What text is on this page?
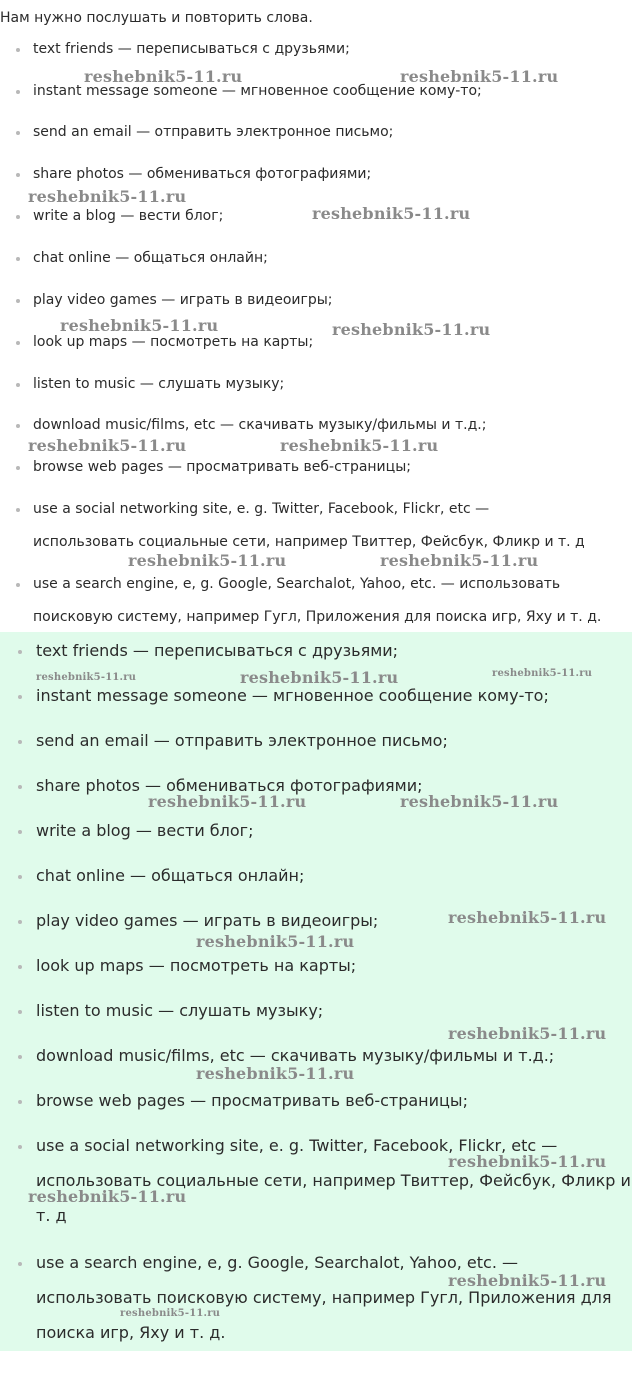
Нам нужно послушать и повторить слова.

text friends — переписываться с друзьями;
instant message someone — мгновенное сообщение кому-то;
send an email — отправить электронное письмо;
share photos — обмениваться фотографиями;
write a blog — вести блог;
chat online — общаться онлайн;
play video games — играть в видеоигры;
look up maps — посмотреть на карты;
listen to music — слушать музыку;
download music/films, etc — скачивать музыку/фильмы и т.д.;
browse web pages — просматривать веб-страницы;
use a social networking site, e. g. Twitter, Facebook, Flickr, etc —
использовать социальные сети, например Твиттер, Фейсбук, Фликр и т. д
use a search engine, e, g. Google, Searchalot, Yahoo, etc. — использовать
поисковую систему, например Гугл, Приложения для поиска игр, Яху и т. д.
text friends — переписываться с друзьями;
instant message someone — мгновенное сообщение кому-то;
send an email — отправить электронное письмо;
share photos — обмениваться фотографиями;
write a blog — вести блог;
chat online — общаться онлайн;
play video games — играть в видеоигры;
look up maps — посмотреть на карты;
listen to music — слушать музыку;
download music/films, etc — скачивать музыку/фильмы и т.д.;
browse web pages — просматривать веб-страницы;
use a social networking site, e. g. Twitter, Facebook, Flickr, etc —
использовать социальные сети, например Твиттер, Фейсбук, Фликр и
т. д
use a search engine, e, g. Google, Searchalot, Yahoo, etc. —
использовать поисковую систему, например Гугл, Приложения для
поиска игр, Яху и т. д.
reshebnik5-11.ru	reshebnik5-11.ru
reshebnik5-11.ru
reshebnik5-11.ru
reshebnik5-11.ru	reshebnik5-11.ru
reshebnik5-11.ru	reshebnik5-11.ru
reshebnik5-11.ru	reshebnik5-11.ru
reshebnik5-11.ru	reshebnik5-11.ru	reshebnik5-11.ru
reshebnik5-11.ru	reshebnik5-11.ru
reshebnik5-11.ru
reshebnik5-11.ru
reshebnik5-11.ru
reshebnik5-11.ru
reshebnik5-11.ru
reshebnik5-11.ru
reshebnik5-11.ru
reshebnik5-11.ru
